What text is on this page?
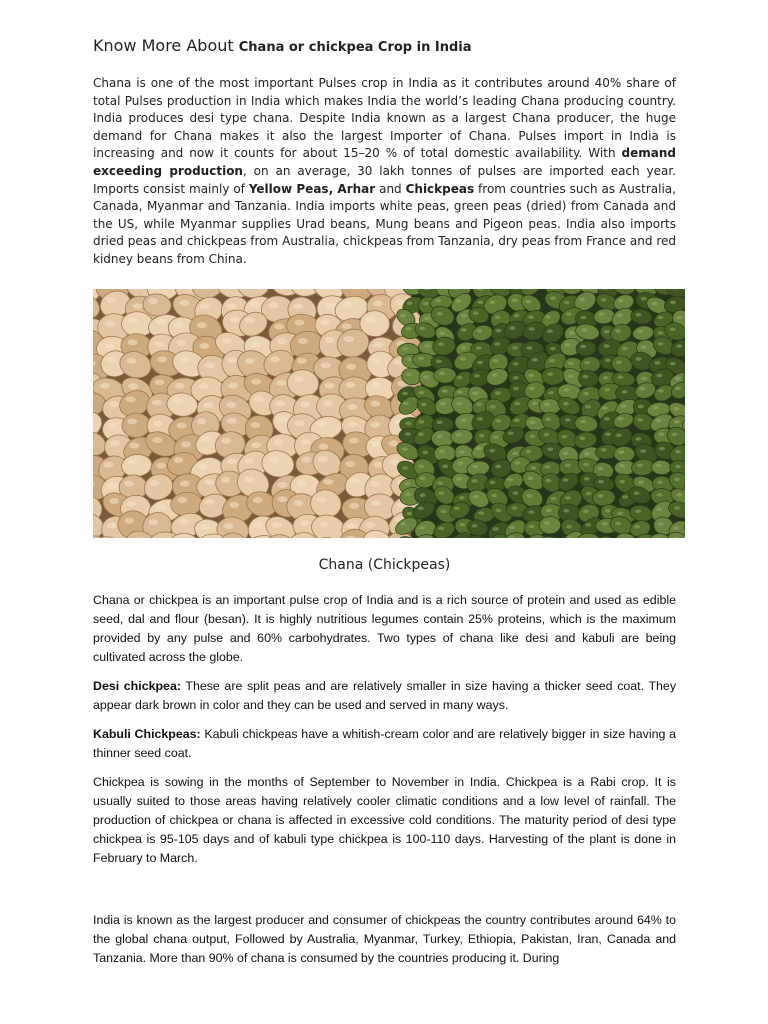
Know More About Chana or chickpea Crop in India

Chana is one of the most important Pulses crop in India as it contributes around 40% share of total Pulses production in India which makes India the world’s leading Chana producing country. India produces desi type chana. Despite India known as a largest Chana producer, the huge demand for Chana makes it also the largest Importer of Chana. Pulses import in India is increasing and now it counts for about 15–20 % of total domestic availability. With demand exceeding production, on an average, 30 lakh tonnes of pulses are imported each year. Imports consist mainly of Yellow Peas, Arhar and Chickpeas from countries such as Australia, Canada, Myanmar and Tanzania. India imports white peas, green peas (dried) from Canada and the US, while Myanmar supplies Urad beans, Mung beans and Pigeon peas. India also imports dried peas and chickpeas from Australia, chickpeas from Tanzania, dry peas from France and red kidney beans from China.

Chana (Chickpeas)

Chana or chickpea is an important pulse crop of India and is a rich source of protein and used as edible seed, dal and flour (besan). It is highly nutritious legumes contain 25% proteins, which is the maximum provided by any pulse and 60% carbohydrates. Two types of chana like desi and kabuli are being cultivated across the globe.

Desi chickpea: These are split peas and are relatively smaller in size having a thicker seed coat. They appear dark brown in color and they can be used and served in many ways.

Kabuli Chickpeas: Kabuli chickpeas have a whitish-cream color and are relatively bigger in size having a thinner seed coat.

Chickpea is sowing in the months of September to November in India. Chickpea is a Rabi crop. It is usually suited to those areas having relatively cooler climatic conditions and a low level of rainfall. The production of chickpea or chana is affected in excessive cold conditions. The maturity period of desi type chickpea is 95-105 days and of kabuli type chickpea is 100-110 days. Harvesting of the plant is done in February to March.

India is known as the largest producer and consumer of chickpeas the country contributes around 64% to the global chana output, Followed by Australia, Myanmar, Turkey, Ethiopia, Pakistan, Iran, Canada and Tanzania. More than 90% of chana is consumed by the countries producing it. During
